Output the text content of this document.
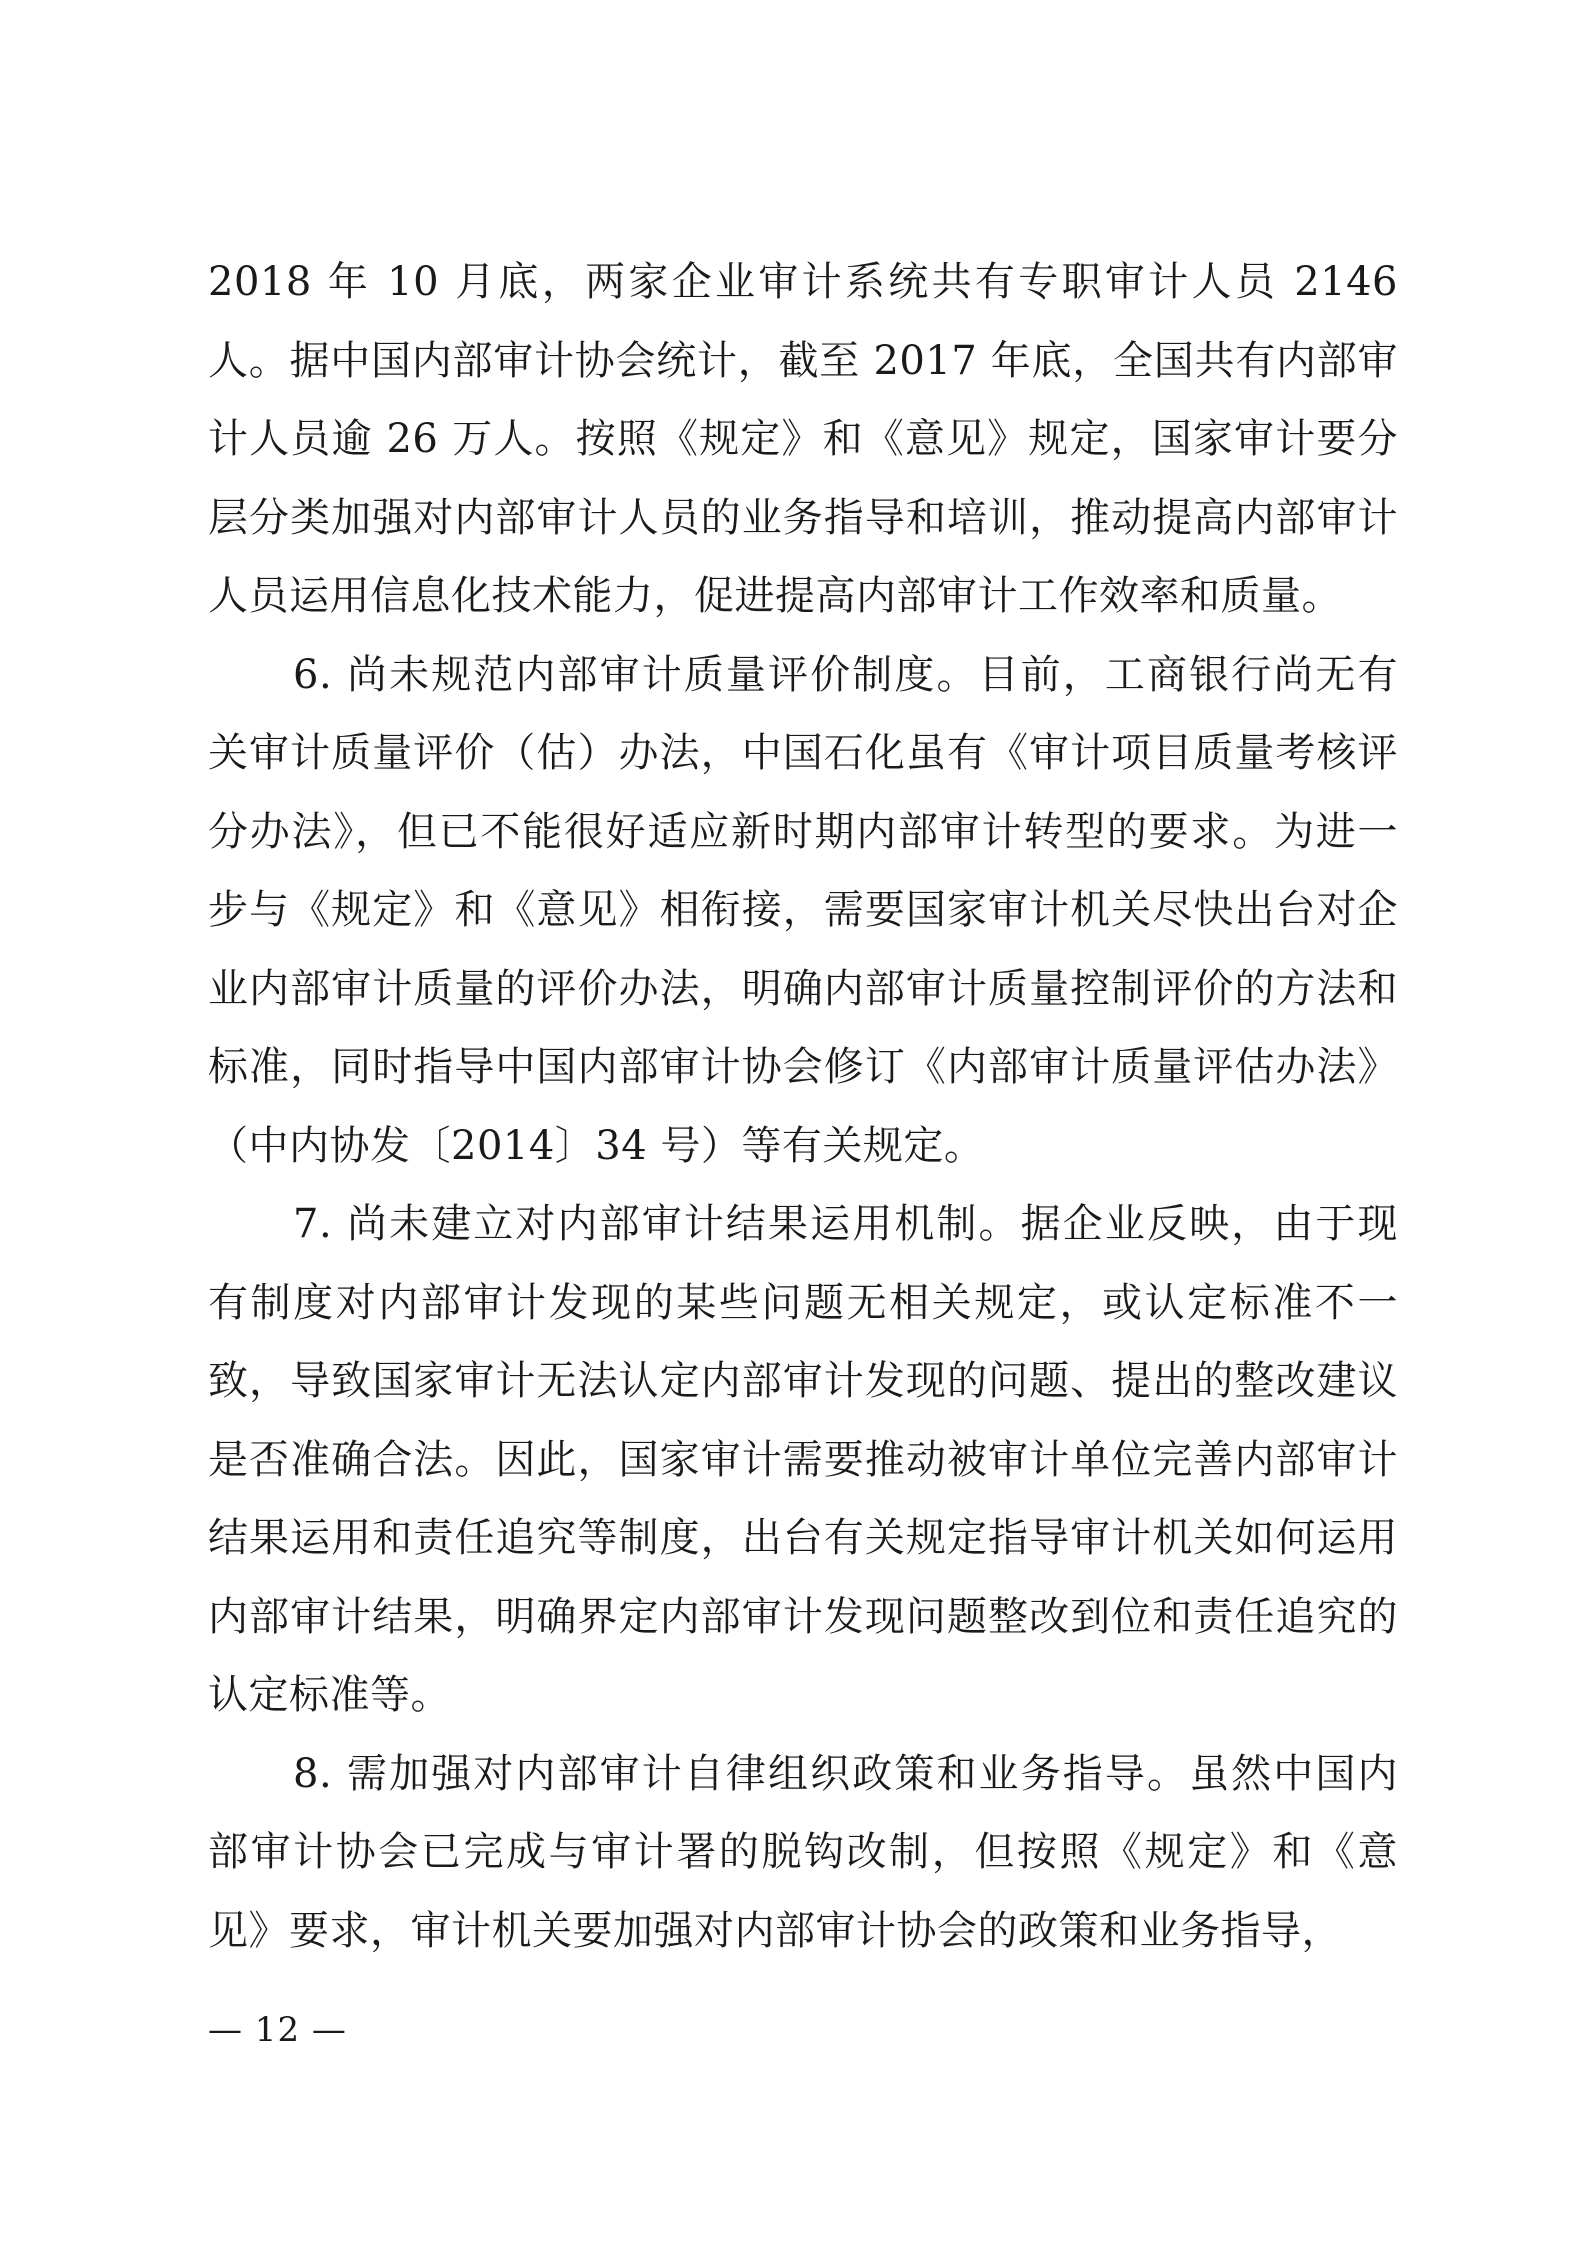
2018 年 10 月底，两家企业审计系统共有专职审计人员 2146 人。据中国内部审计协会统计，截至 2017 年底，全国共有内部审计人员逾 26 万人。按照《规定》和《意见》规定，国家审计要分层分类加强对内部审计人员的业务指导和培训，推动提高内部审计人员运用信息化技术能力，促进提高内部审计工作效率和质量。

6. 尚未规范内部审计质量评价制度。目前，工商银行尚无有关审计质量评价（估）办法，中国石化虽有《审计项目质量考核评分办法》，但已不能很好适应新时期内部审计转型的要求。为进一步与《规定》和《意见》相衔接，需要国家审计机关尽快出台对企业内部审计质量的评价办法，明确内部审计质量控制评价的方法和标准，同时指导中国内部审计协会修订《内部审计质量评估办法》（中内协发〔2014〕34 号）等有关规定。

7. 尚未建立对内部审计结果运用机制。据企业反映，由于现有制度对内部审计发现的某些问题无相关规定，或认定标准不一致，导致国家审计无法认定内部审计发现的问题、提出的整改建议是否准确合法。因此，国家审计需要推动被审计单位完善内部审计结果运用和责任追究等制度，出台有关规定指导审计机关如何运用内部审计结果，明确界定内部审计发现问题整改到位和责任追究的认定标准等。

8. 需加强对内部审计自律组织政策和业务指导。虽然中国内部审计协会已完成与审计署的脱钩改制，但按照《规定》和《意见》要求，审计机关要加强对内部审计协会的政策和业务指导，

— 12 —
